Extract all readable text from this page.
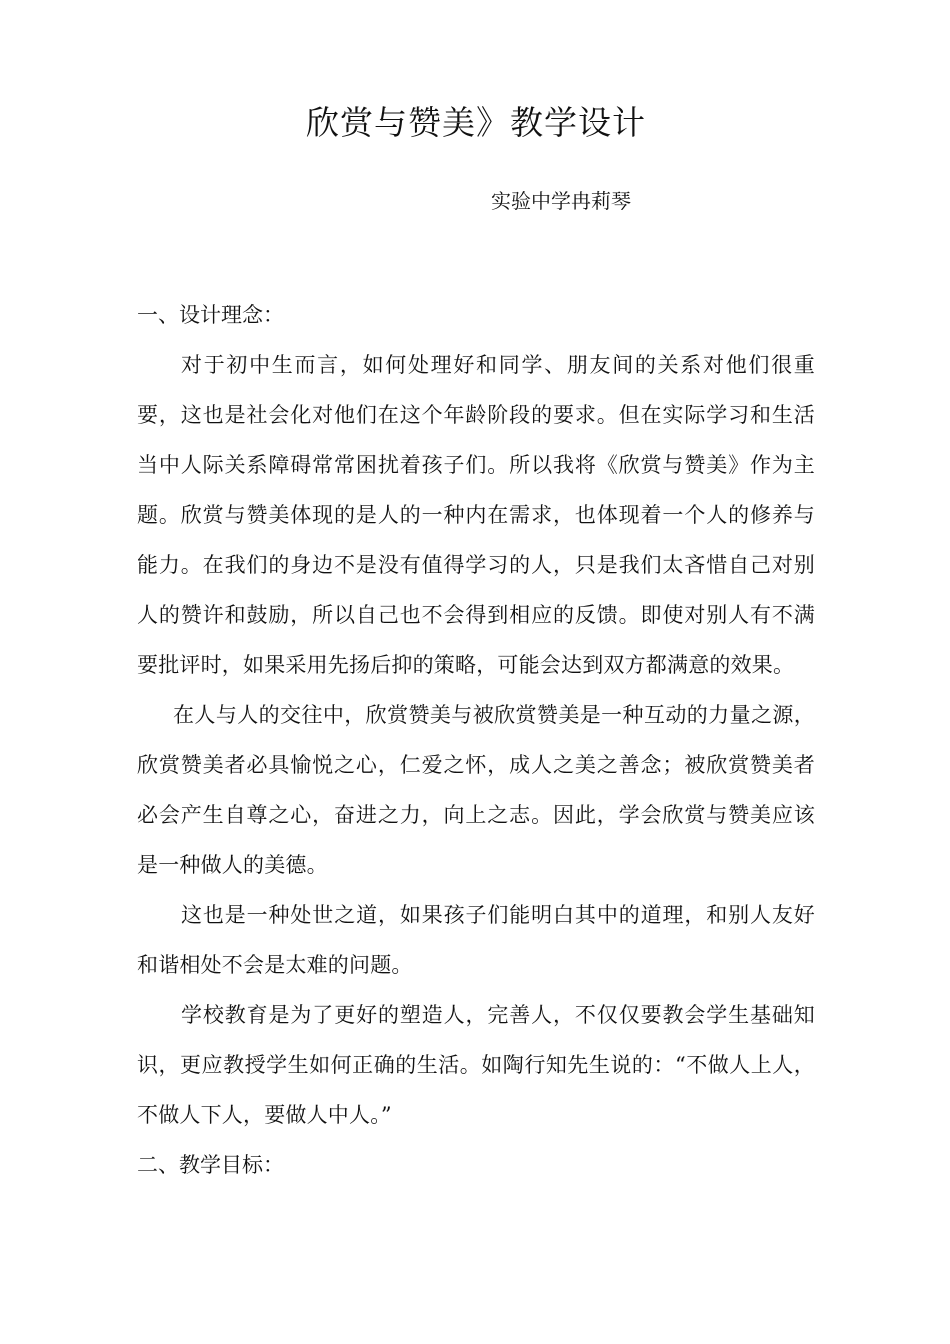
欣赏与赞美》教学设计

实验中学冉莉琴

一、设计理念：

对于初中生而言，如何处理好和同学、朋友间的关系对他们很重要，这也是社会化对他们在这个年龄阶段的要求。但在实际学习和生活当中人际关系障碍常常困扰着孩子们。所以我将《欣赏与赞美》作为主题。欣赏与赞美体现的是人的一种内在需求，也体现着一个人的修养与能力。在我们的身边不是没有值得学习的人，只是我们太吝惜自己对别人的赞许和鼓励，所以自己也不会得到相应的反馈。即使对别人有不满要批评时，如果采用先扬后抑的策略，可能会达到双方都满意的效果。

在人与人的交往中，欣赏赞美与被欣赏赞美是一种互动的力量之源，欣赏赞美者必具愉悦之心，仁爱之怀，成人之美之善念；被欣赏赞美者必会产生自尊之心，奋进之力，向上之志。因此，学会欣赏与赞美应该是一种做人的美德。

这也是一种处世之道，如果孩子们能明白其中的道理，和别人友好和谐相处不会是太难的问题。

学校教育是为了更好的塑造人，完善人，不仅仅要教会学生基础知识，更应教授学生如何正确的生活。如陶行知先生说的：“不做人上人，不做人下人，要做人中人。”

二、教学目标：
